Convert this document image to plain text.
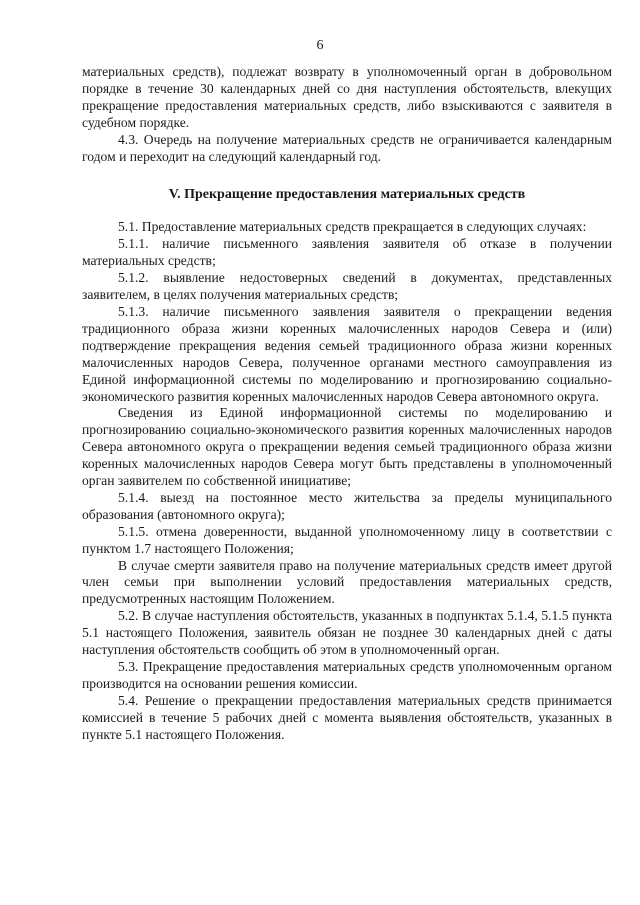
6

материальных средств), подлежат возврату в уполномоченный орган в добровольном порядке в течение 30 календарных дней со дня наступления обстоятельств, влекущих прекращение предоставления материальных средств, либо взыскиваются с заявителя в судебном порядке.

4.3. Очередь на получение материальных средств не ограничивается календарным годом и переходит на следующий календарный год.

V. Прекращение предоставления материальных средств

5.1. Предоставление материальных средств прекращается в следующих случаях:

5.1.1. наличие письменного заявления заявителя об отказе в получении материальных средств;

5.1.2. выявление недостоверных сведений в документах, представленных заявителем, в целях получения материальных средств;

5.1.3. наличие письменного заявления заявителя о прекращении ведения традиционного образа жизни коренных малочисленных народов Севера и (или) подтверждение прекращения ведения семьей традиционного образа жизни коренных малочисленных народов Севера, полученное органами местного самоуправления из Единой информационной системы по моделированию и прогнозированию социально-экономического развития коренных малочисленных народов Севера автономного округа.

Сведения из Единой информационной системы по моделированию и прогнозированию социально-экономического развития коренных малочисленных народов Севера автономного округа о прекращении ведения семьей традиционного образа жизни коренных малочисленных народов Севера могут быть представлены в уполномоченный орган заявителем по собственной инициативе;

5.1.4. выезд на постоянное место жительства за пределы муниципального образования (автономного округа);

5.1.5. отмена доверенности, выданной уполномоченному лицу в соответствии с пунктом 1.7 настоящего Положения;

В случае смерти заявителя право на получение материальных средств имеет другой член семьи при выполнении условий предоставления материальных средств, предусмотренных настоящим Положением.

5.2. В случае наступления обстоятельств, указанных в подпунктах 5.1.4, 5.1.5 пункта 5.1 настоящего Положения, заявитель обязан не позднее 30 календарных дней с даты наступления обстоятельств сообщить об этом в уполномоченный орган.

5.3. Прекращение предоставления материальных средств уполномоченным органом производится на основании решения комиссии.

5.4. Решение о прекращении предоставления материальных средств принимается комиссией в течение 5 рабочих дней с момента выявления обстоятельств, указанных в пункте 5.1 настоящего Положения.
